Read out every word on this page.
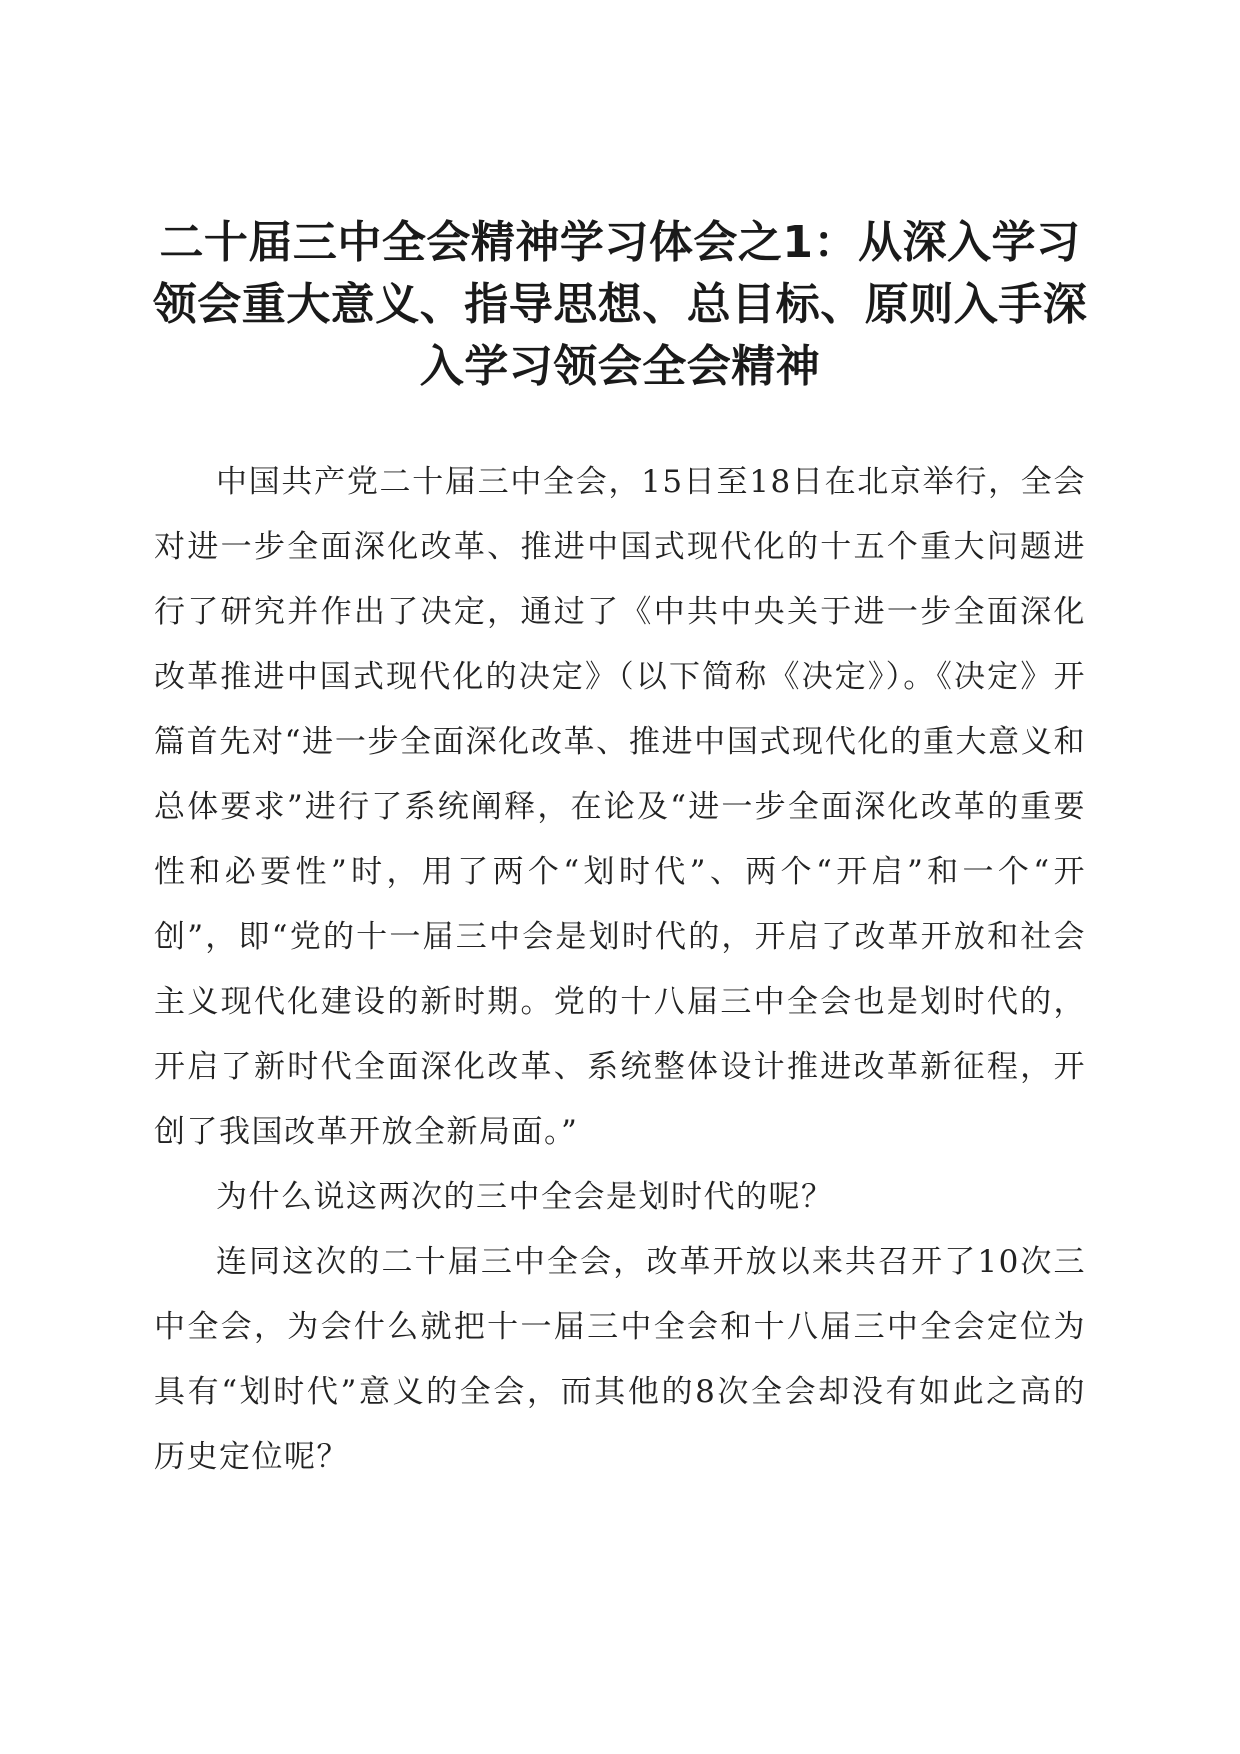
二十届三中全会精神学习体会之1：从深入学习领会重大意义、指导思想、总目标、原则入手深入学习领会全会精神

中国共产党二十届三中全会，15日至18日在北京举行，全会对进一步全面深化改革、推进中国式现代化的十五个重大问题进行了研究并作出了决定，通过了《中共中央关于进一步全面深化改革推进中国式现代化的决定》（以下简称《决定》）。《决定》开篇首先对“进一步全面深化改革、推进中国式现代化的重大意义和总体要求”进行了系统阐释，在论及“进一步全面深化改革的重要性和必要性”时，用了两个“划时代”、两个“开启”和一个“开创”，即“党的十一届三中会是划时代的，开启了改革开放和社会主义现代化建设的新时期。党的十八届三中全会也是划时代的，开启了新时代全面深化改革、系统整体设计推进改革新征程，开创了我国改革开放全新局面。”

为什么说这两次的三中全会是划时代的呢？

连同这次的二十届三中全会，改革开放以来共召开了10次三中全会，为会什么就把十一届三中全会和十八届三中全会定位为具有“划时代”意义的全会，而其他的8次全会却没有如此之高的历史定位呢？
